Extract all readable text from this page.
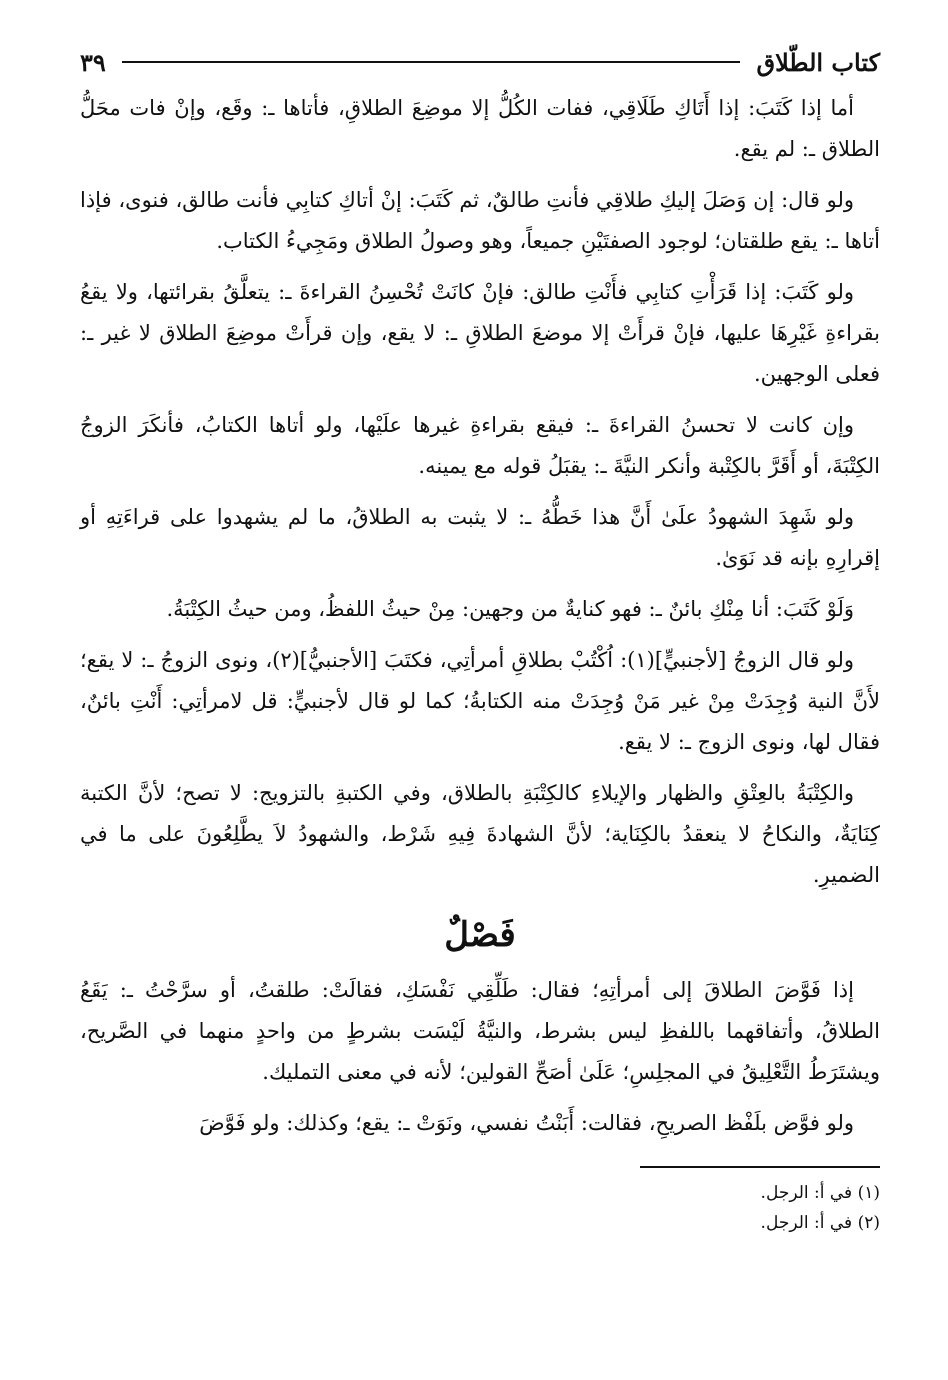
كتاب الطّلاق
٣٩

أما إذا كَتَبَ: إذا أَتَاكِ طَلَاقِي، ففات الكُلُّ إلا موضِعَ الطلاقِ، فأتاها ـ: وقَع، وإنْ فات محَلُّ الطلاق ـ: لم يقع.

ولو قال: إن وَصَلَ إليكِ طلاقِي فأنتِ طالقٌ، ثم كَتَبَ: إنْ أتاكِ كتابِي فأنت طالق، فنوى، فإذا أتاها ـ: يقع طلقتان؛ لوجود الصفتَيْنِ جميعاً، وهو وصولُ الطلاق ومَجِيءُ الكتاب.

ولو كَتَبَ: إذا قَرَأْتِ كتابِي فأَنْتِ طالق: فإنْ كانَتْ تُحْسِنُ القراءةَ ـ: يتعلَّقُ بقرائتها، ولا يقعُ بقراءةِ غَيْرِهَا عليها، فإنْ قرأَتْ إلا موضعَ الطلاقِ ـ: لا يقع، وإن قرأَتْ موضِعَ الطلاق لا غير ـ: فعلى الوجهين.

وإن كانت لا تحسنُ القراءةَ ـ: فيقع بقراءةِ غيرها علَيْها، ولو أتاها الكتابُ، فأنكَرَ الزوجُ الكِتْبَةَ، أو أَقَرَّ بالكِتْبة وأنكر النيَّةَ ـ: يقبَلُ قوله مع يمينه.

ولو شَهِدَ الشهودُ علَىٰ أَنَّ هذا خَطُّهُ ـ: لا يثبت به الطلاقُ، ما لم يشهدوا على قراءَتِهِ أو إقرارِهِ بإنه قد نَوَىٰ.

وَلَوْ كَتَبَ: أنا مِنْكِ بائنٌ ـ: فهو كنايةٌ من وجهين: مِنْ حيثُ اللفظُ، ومن حيثُ الكِتْبَةُ.

ولو قال الزوجُ [لأجنبيٍّ](١): اُكْتُبْ بطلاقِ أمرأتِي، فكتَبَ [الأجنبيُّ](٢)، ونوى الزوجُ ـ: لا يقع؛ لأَنَّ النية وُجِدَتْ مِنْ غير مَنْ وُجِدَتْ منه الكتابةُ؛ كما لو قال لأجنبيٍّ: قل لامرأتِي: أَنْتِ بائنٌ، فقال لها، ونوى الزوج ـ: لا يقع.

والكِتْبَةُ بالعِتْقِ والظهار والإيلاءِ كالكِتْبَةِ بالطلاق، وفي الكتبةِ بالتزويج: لا تصح؛ لأنَّ الكتبة كِنَايَةٌ، والنكاحُ لا ينعقدُ بالكِنَاية؛ لأنَّ الشهادةَ فِيهِ شَرْط، والشهودُ لاَ يطَّلِعُونَ على ما في الضميرِ.

فَصْلٌ

إذا فَوَّضَ الطلاقَ إلى أمرأتِهِ؛ فقال: طَلِّقِي نَفْسَكِ، فقالَتْ: طلقتُ، أو سرَّحْتُ ـ: يَقَعُ الطلاقُ، وأتفاقهما باللفظِ ليس بشرط، والنيَّةُ لَيْسَت بشرطٍ من واحدٍ منهما في الصَّريح، ويشتَرَطُ التَّعْلِيقُ في المجلِسِ؛ عَلَىٰ أصَحِّ القولين؛ لأنه في معنى التمليك.

ولو فوَّض بلَفْظ الصريحِ، فقالت: أَبَنْتُ نفسي، ونَوَتْ ـ: يقع؛ وكذلك: ولو فَوَّضَ

(١) في أ: الرجل.
(٢) في أ: الرجل.
